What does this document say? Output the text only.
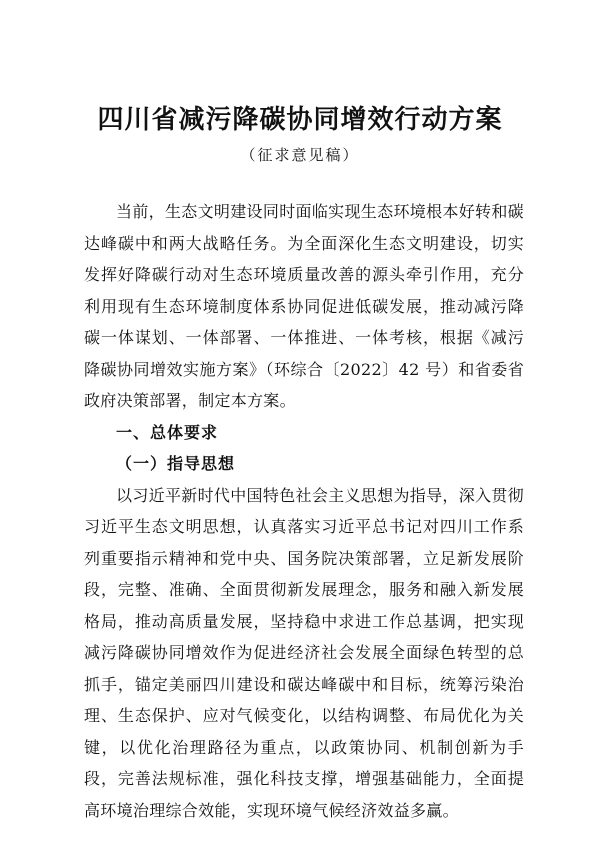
四川省减污降碳协同增效行动方案
（征求意见稿）

当前，生态文明建设同时面临实现生态环境根本好转和碳达峰碳中和两大战略任务。为全面深化生态文明建设，切实发挥好降碳行动对生态环境质量改善的源头牵引作用，充分利用现有生态环境制度体系协同促进低碳发展，推动减污降碳一体谋划、一体部署、一体推进、一体考核，根据《减污降碳协同增效实施方案》（环综合〔2022〕42 号）和省委省政府决策部署，制定本方案。

一、总体要求

（一）指导思想

以习近平新时代中国特色社会主义思想为指导，深入贯彻习近平生态文明思想，认真落实习近平总书记对四川工作系列重要指示精神和党中央、国务院决策部署，立足新发展阶段，完整、准确、全面贯彻新发展理念，服务和融入新发展格局，推动高质量发展，坚持稳中求进工作总基调，把实现减污降碳协同增效作为促进经济社会发展全面绿色转型的总抓手，锚定美丽四川建设和碳达峰碳中和目标，统筹污染治理、生态保护、应对气候变化，以结构调整、布局优化为关键，以优化治理路径为重点，以政策协同、机制创新为手段，完善法规标准，强化科技支撑，增强基础能力，全面提高环境治理综合效能，实现环境气候经济效益多赢。
